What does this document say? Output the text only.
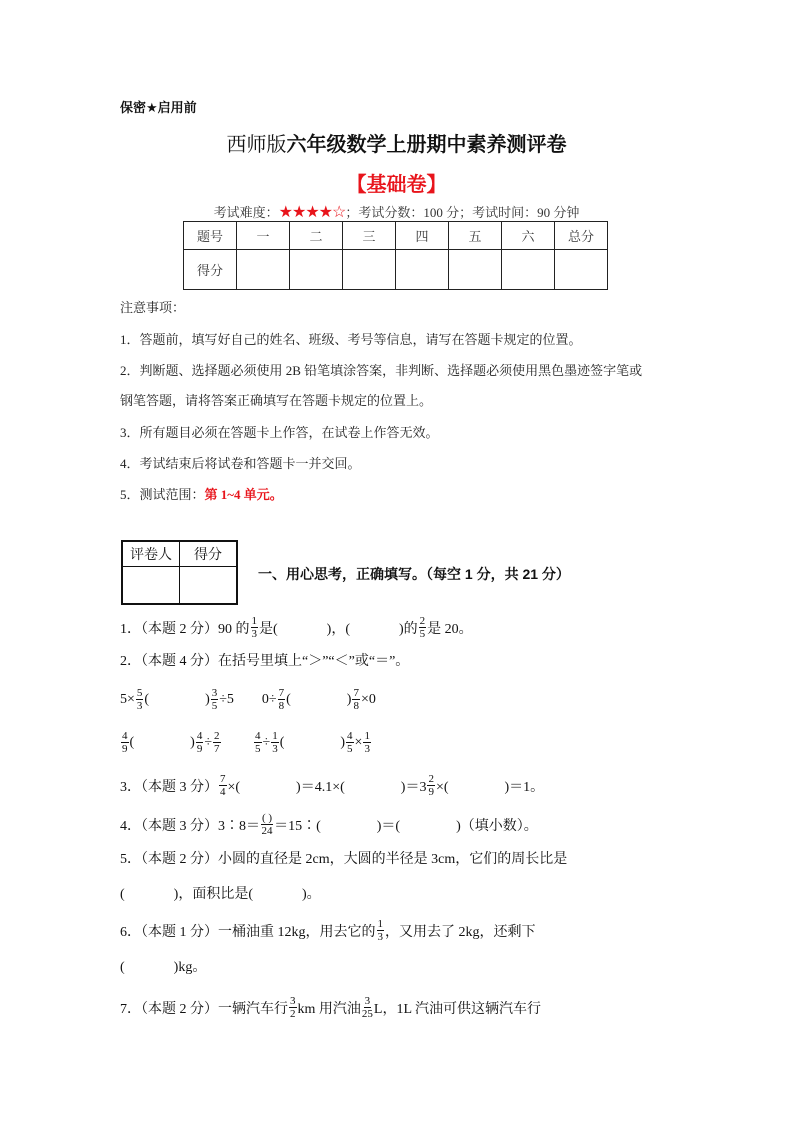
保密★启用前
西师版六年级数学上册期中素养测评卷
【基础卷】
考试难度：★★★★☆；考试分数：100 分；考试时间：90 分钟
题号	一	二	三	四	五	六	总分
得分							
注意事项：
1．答题前，填写好自己的姓名、班级、考号等信息，请写在答题卡规定的位置。
2．判断题、选择题必须使用 2B 铅笔填涂答案，非判断、选择题必须使用黑色墨迹签字笔或
钢笔答题，请将答案正确填写在答题卡规定的位置上。
3．所有题目必须在答题卡上作答，在试卷上作答无效。
4．考试结束后将试卷和答题卡一并交回。
5．测试范围：第 1~4 单元。
评卷人	得分

一、用心思考，正确填写。（每空 1 分，共 21 分）
1．（本题 2 分）90 的 $\frac{1}{3}$ 是(              )，(              )的 $\frac{2}{5}$ 是 20。
2．（本题 4 分）在括号里填上“＞”“＜”或“＝”。
$5\times \frac{5}{3}$ (                ) $\frac{3}{5} \div 5$        $0\div \frac{7}{8}$ (                ) $\frac{7}{8} \times 0$
$\frac{4}{9}$ (                ) $\frac{4}{9} \div \frac{2}{7}$
	$\frac{4}{5} \div \frac{1}{3}$ (                ) $\frac{4}{5} \times \frac{1}{3}$
3．（本题 3 分） $\frac{7}{4}$ ×(                )＝4.1×(                )$=3 \frac{2}{9}$ ×(                )＝1。
4．（本题 3 分）3∶8＝ $\frac{( )}{24}$ ＝15∶(                )＝(                )（填小数）。
5．（本题 2 分）小圆的直径是 2cm，大圆的半径是 3cm，它们的周长比是
(              )，面积比是(              )。
6．（本题 1 分）一桶油重 12kg，用去它的 $\frac{1}{3}$ ，又用去了 2kg，还剩下
(              )kg。
7．（本题 2 分）一辆汽车行 $\frac{3}{2}$ km 用汽油 $\frac{3}{25}$ L，1L 汽油可供这辆汽车行
